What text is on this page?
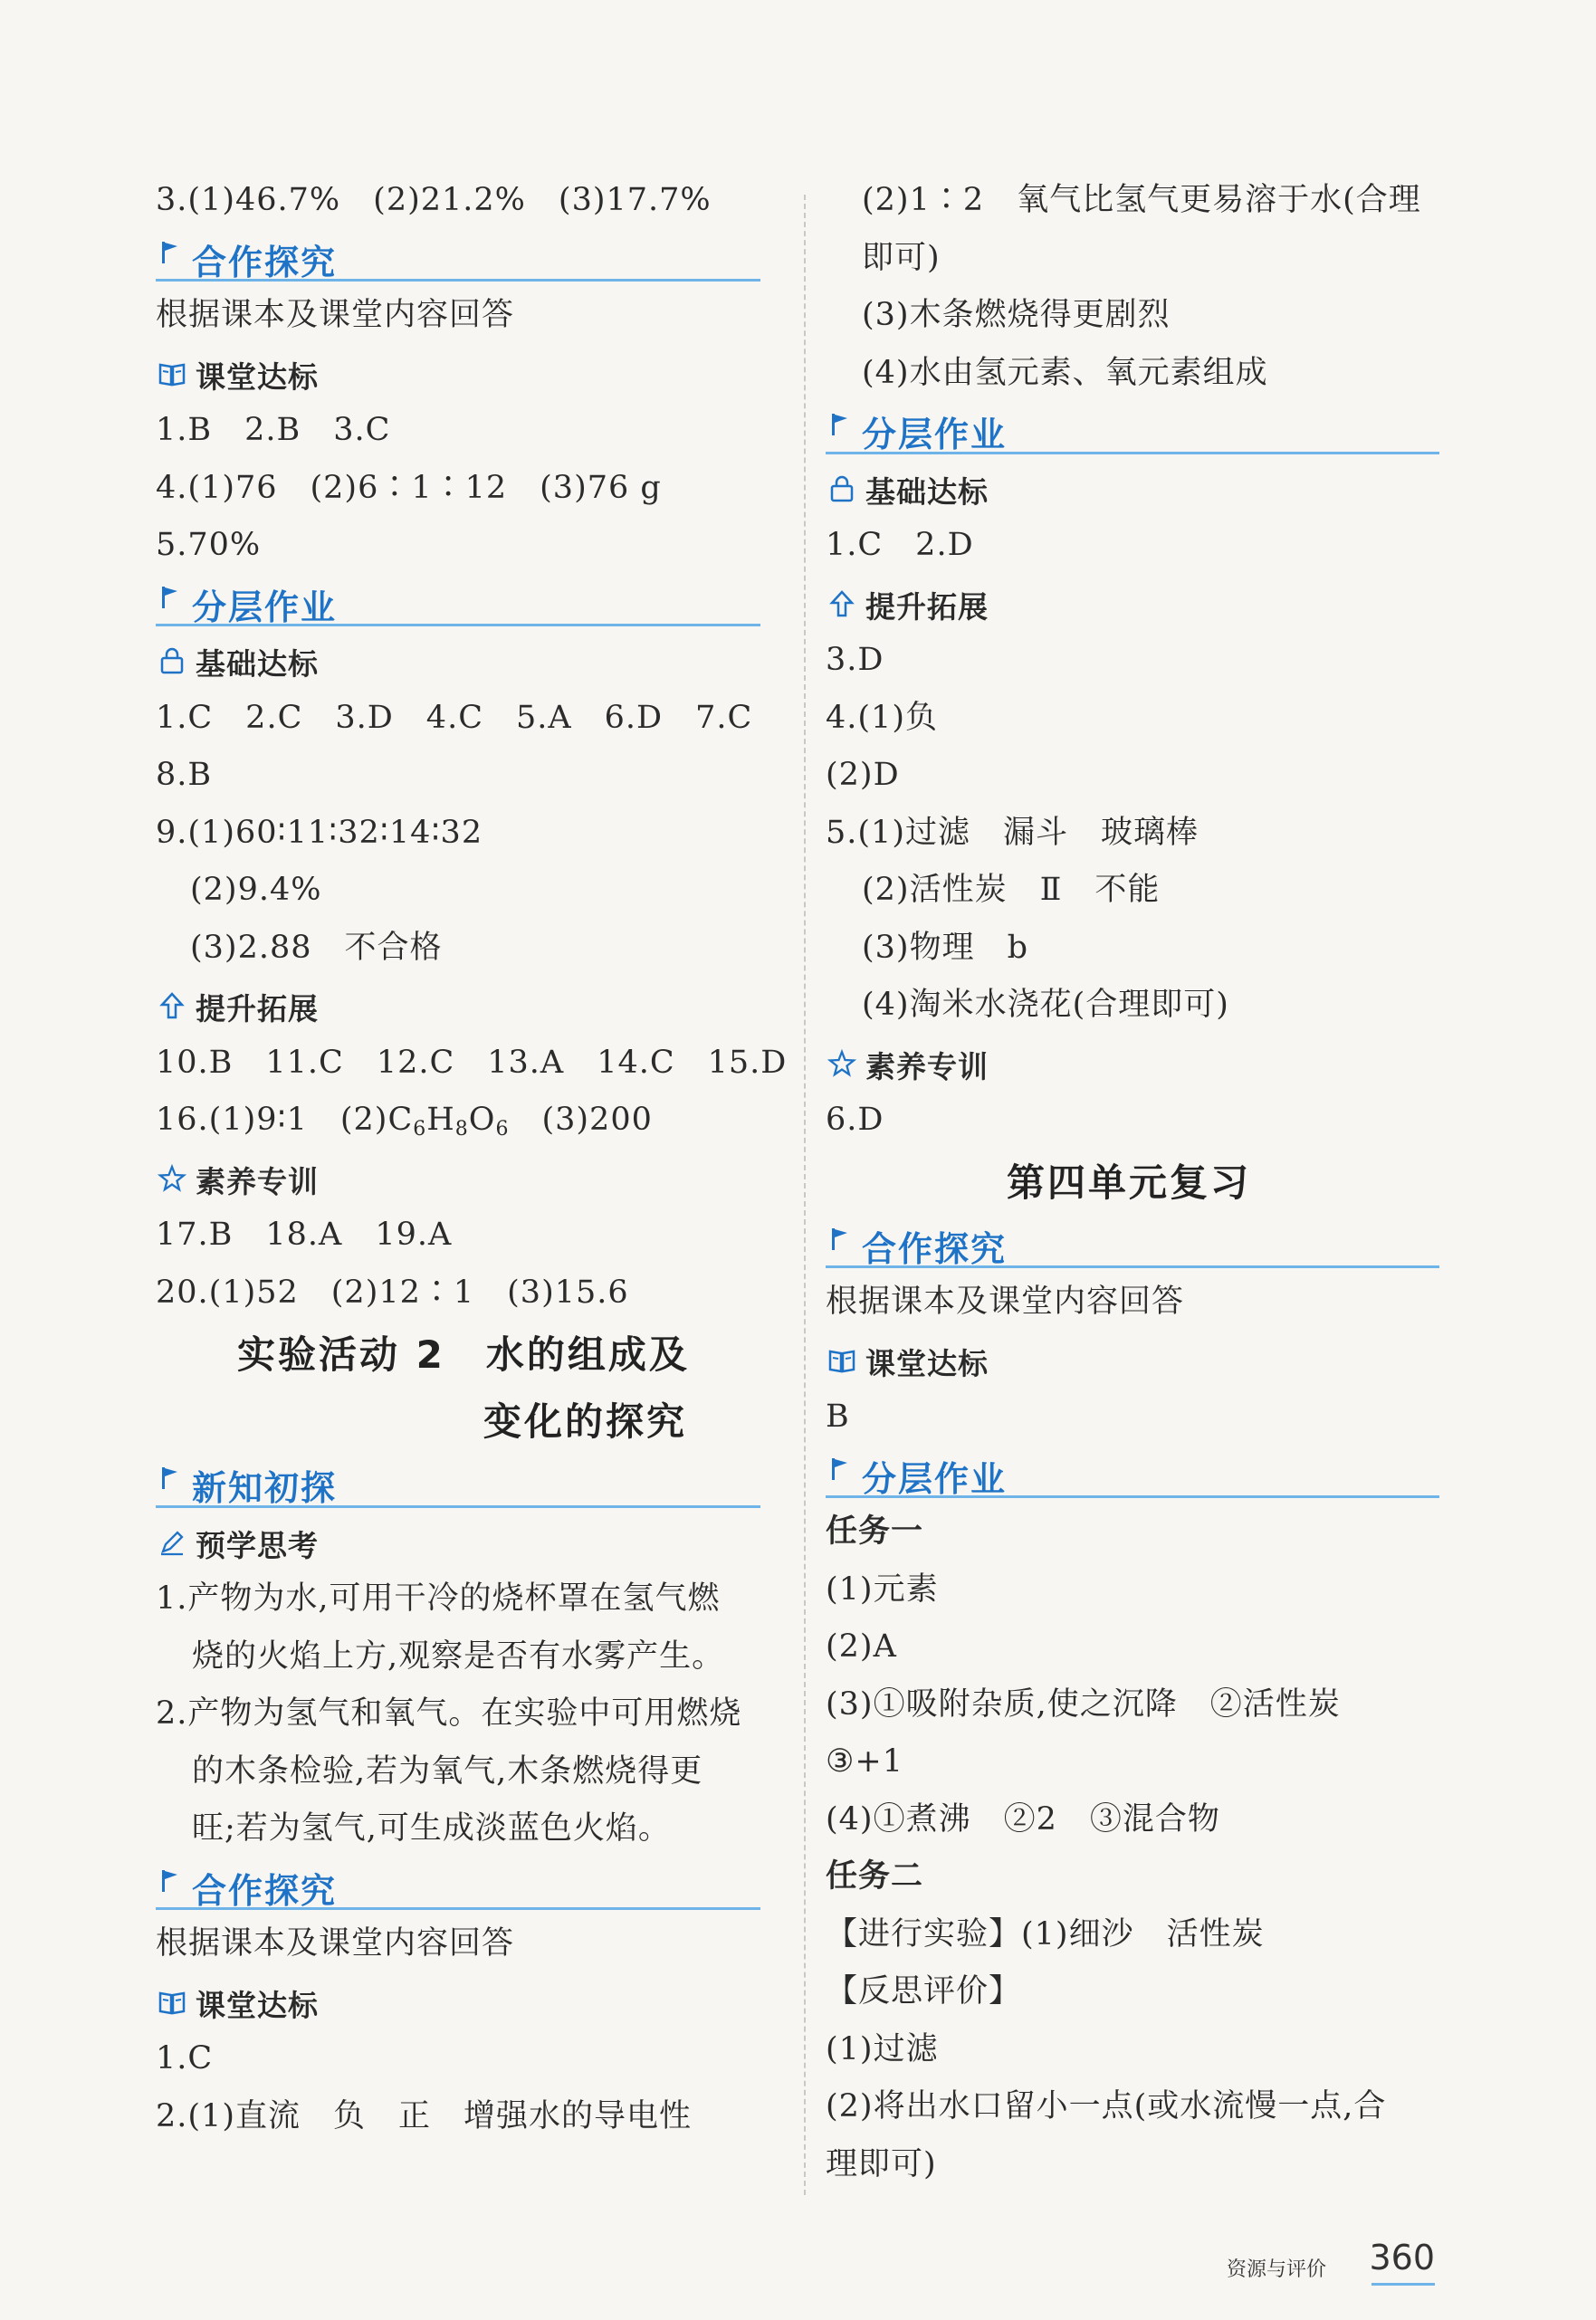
3.(1)46.7%　(2)21.2%　(3)17.7%
合作探究
根据课本及课堂内容回答
课堂达标
1.B　2.B　3.C
4.(1)76　(2)6∶1∶12　(3)76 g
5.70%
分层作业
基础达标
1.C　2.C　3.D　4.C　5.A　6.D　7.C
8.B
9.(1)60∶11∶32∶14∶32
(2)9.4%
(3)2.88　不合格
提升拓展
10.B　11.C　12.C　13.A　14.C　15.D
16.(1)9∶1　$(2)C_6H_8O_6$　(3)200
素养专训
17.B　18.A　19.A
20.(1)52　(2)12∶1　(3)15.6
实验活动 2　水的组成及
变化的探究
新知初探
预学思考
1.产物为水,可用干冷的烧杯罩在氢气燃
烧的火焰上方,观察是否有水雾产生。
2.产物为氢气和氧气。在实验中可用燃烧
的木条检验,若为氧气,木条燃烧得更
旺;若为氢气,可生成淡蓝色火焰。
合作探究
根据课本及课堂内容回答
课堂达标
1.C
2.(1)直流　负　正　增强水的导电性
(2)1∶2　氧气比氢气更易溶于水(合理
即可)
(3)木条燃烧得更剧烈
(4)水由氢元素、氧元素组成
分层作业
基础达标
1.C　2.D
提升拓展
3.D
4.(1)负
(2)D
5.(1)过滤　漏斗　玻璃棒
(2)活性炭　Ⅱ　不能
(3)物理　b
(4)淘米水浇花(合理即可)
素养专训
6.D
第四单元复习
合作探究
根据课本及课堂内容回答
课堂达标
B
分层作业
任务一
(1)元素
(2)A
(3)①吸附杂质,使之沉降　②活性炭
③+1
(4)①煮沸　②2　③混合物
任务二
【进行实验】(1)细沙　活性炭
【反思评价】
(1)过滤
(2)将出水口留小一点(或水流慢一点,合
理即可)
资源与评价 360
